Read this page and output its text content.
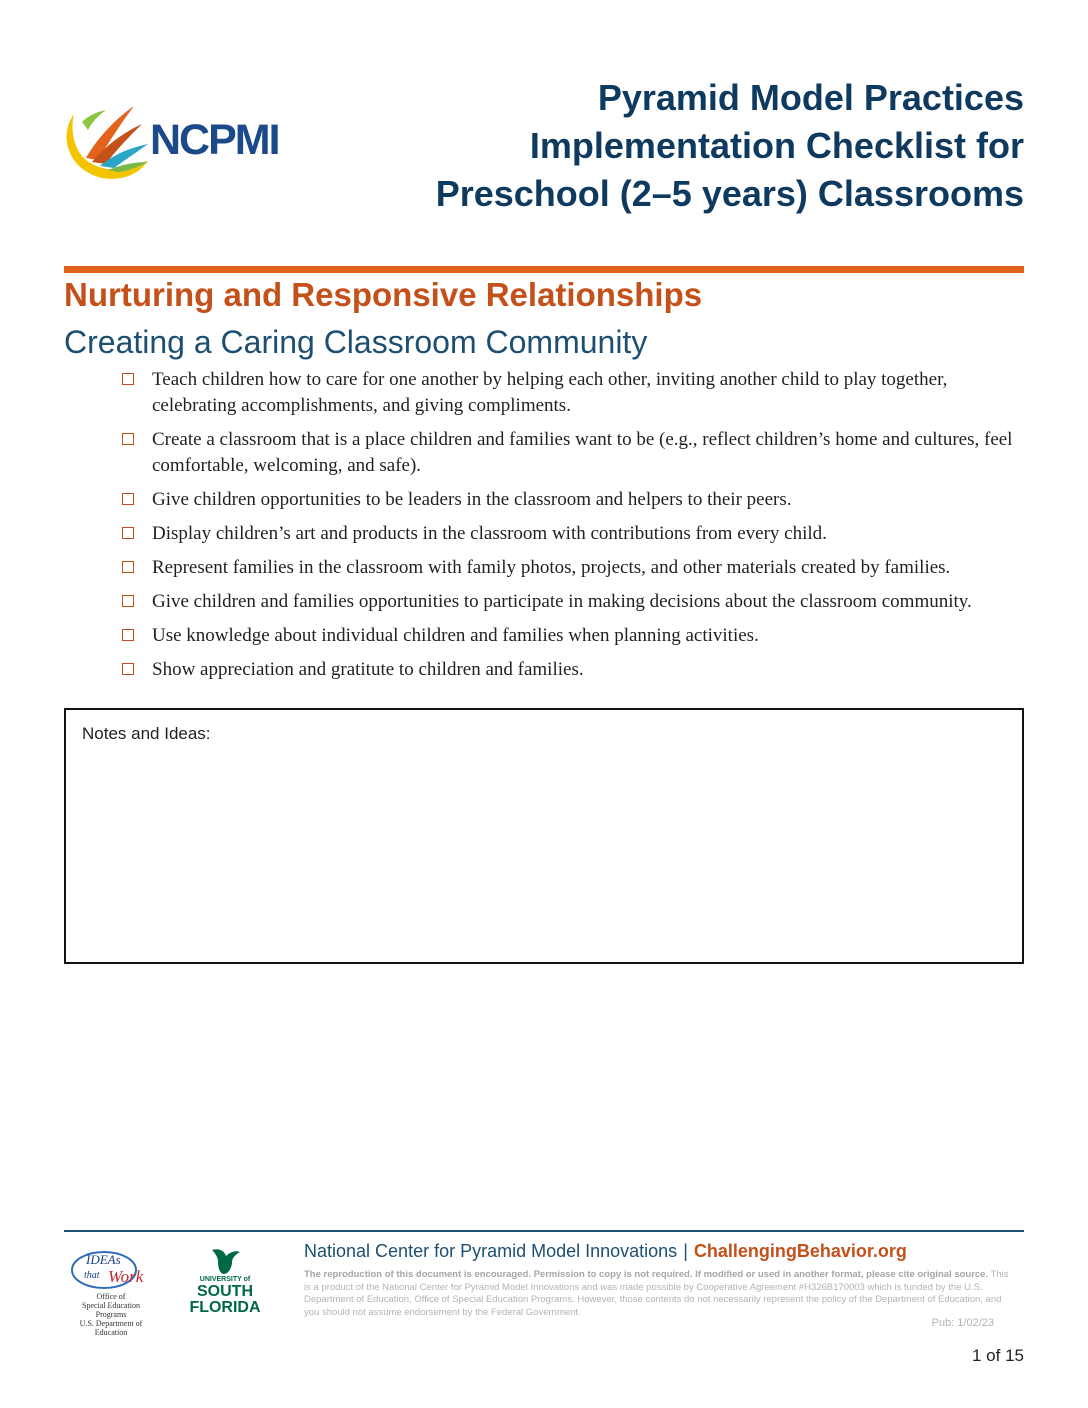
NCPMI
Pyramid Model Practices
Implementation Checklist for
Preschool (2–5 years) Classrooms
Nurturing and Responsive Relationships
Creating a Caring Classroom Community
Teach children how to care for one another by helping each other, inviting another child to play together, celebrating accomplishments, and giving compliments.
Create a classroom that is a place children and families want to be (e.g., reflect children’s home and cultures, feel comfortable, welcoming, and safe).
Give children opportunities to be leaders in the classroom and helpers to their peers.
Display children’s art and products in the classroom with contributions from every child.
Represent families in the classroom with family photos, projects, and other materials created by families.
Give children and families opportunities to participate in making decisions about the classroom community.
Use knowledge about individual children and families when planning activities.
Show appreciation and gratitute to children and families.
Notes and Ideas:
IDEAs
that Work
Office of
Special Education Programs
U.S. Department of Education
UNIVERSITY of
SOUTH
FLORIDA
National Center for Pyramid Model Innovations | ChallengingBehavior.org
The reproduction of this document is encouraged. Permission to copy is not required. If modified or used in another format, please cite original source. This is a product of the National Center for Pyramid Model Innovations and was made possible by Cooperative Agreement #H326B170003 which is funded by the U.S. Department of Education, Office of Special Education Programs. However, those contents do not necessarily represent the policy of the Department of Education, and you should not assume endorsement by the Federal Government.
Pub: 1/02/23
1 of 15
